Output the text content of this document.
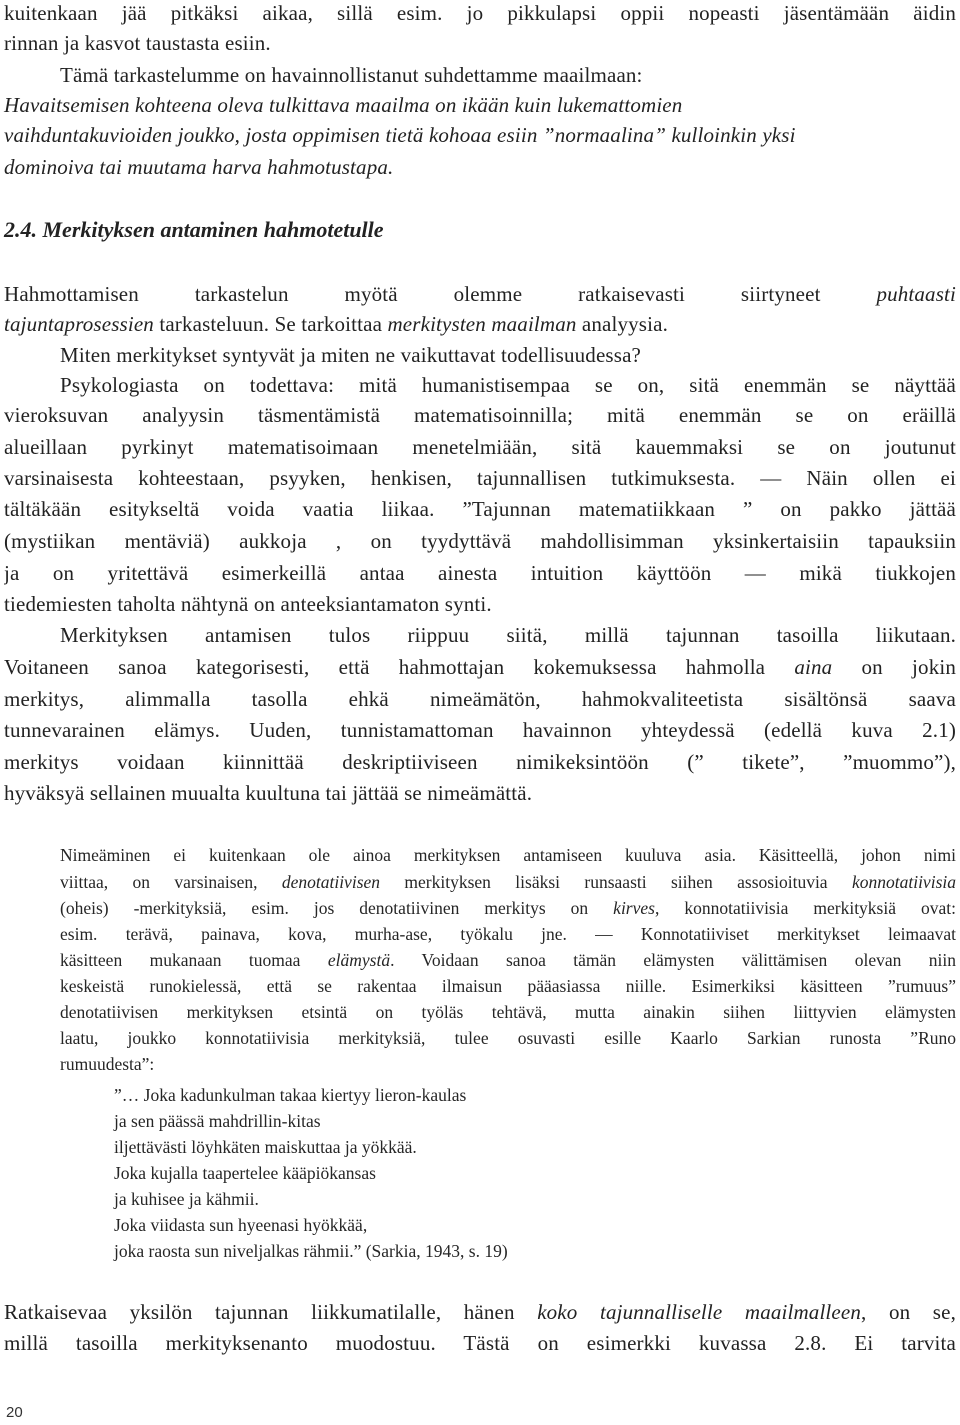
kuitenkaan jää pitkäksi aikaa, sillä esim. jo pikkulapsi oppii nopeasti jäsentämään äidin
rinnan ja kasvot taustasta esiin.
Tämä tarkastelumme on havainnollistanut suhdettamme maailmaan:
Havaitsemisen kohteena oleva tulkittava maailma on ikään kuin lukemattomien
vaihduntakuvioiden joukko, josta oppimisen tietä kohoaa esiin ”normaalina” kulloinkin yksi
dominoiva tai muutama harva hahmotustapa.
2.4. Merkityksen antaminen hahmotetulle
Hahmottamisen tarkastelun myötä olemme ratkaisevasti siirtyneet	puhtaasti
tajuntaprosessien tarkasteluun. Se tarkoittaa merkitysten maailman analyysia.
Miten merkitykset syntyvät ja miten ne vaikuttavat todellisuudessa?
Psykologiasta on todettava: mitä humanistisempaa se on, sitä enemmän se näyttää
vieroksuvan analyysin täsmentämistä matematisoinnilla; mitä enemmän se on eräillä
alueillaan pyrkinyt matematisoimaan menetelmiään, sitä kauemmaksi se on joutunut
varsinaisesta kohteestaan, psyyken, henkisen, tajunnallisen tutkimuksesta. — Näin ollen ei
tältäkään esitykseltä voida vaatia liikaa. ”Tajunnan matematiikkaan ” on pakko jättää
(mystiikan mentäviä) aukkoja , on tyydyttävä mahdollisimman yksinkertaisiin tapauksiin
ja on yritettävä esimerkeillä antaa ainesta intuition käyttöön — mikä tiukkojen
tiedemiesten taholta nähtynä on anteeksiantamaton synti.
Merkityksen antamisen tulos riippuu siitä, millä tajunnan tasoilla liikutaan.
Voitaneen sanoa kategorisesti, että hahmottajan kokemuksessa hahmolla aina on jokin
merkitys, alimmalla tasolla ehkä nimeämätön, hahmokvaliteetista sisältönsä saava
tunnevarainen elämys. Uuden, tunnistamattoman havainnon yhteydessä (edellä kuva 2.1)
merkitys voidaan kiinnittää deskriptiiviseen nimikeksintöön (” tikete”, ”muommo”),
hyväksyä sellainen muualta kuultuna tai jättää se nimeämättä.
Nimeäminen ei kuitenkaan ole ainoa merkityksen antamiseen kuuluva asia. Käsitteellä, johon nimi
viittaa, on varsinaisen, denotatiivisen merkityksen lisäksi runsaasti siihen assosioituvia konnotatiivisia
(oheis) -merkityksiä, esim. jos denotatiivinen merkitys on kirves, konnotatiivisia merkityksiä ovat:
esim. terävä, painava, kova, murha-ase, työkalu jne. — Konnotatiiviset merkitykset leimaavat
käsitteen mukanaan tuomaa elämystä. Voidaan sanoa tämän elämysten välittämisen olevan niin
keskeistä runokielessä, että se rakentaa ilmaisun pääasiassa niille. Esimerkiksi käsitteen ”rumuus”
denotatiivisen merkityksen etsintä on työläs tehtävä, mutta ainakin siihen liittyvien elämysten
laatu, joukko konnotatiivisia merkityksiä, tulee osuvasti esille Kaarlo Sarkian runosta ”Runo
rumuudesta”:
”… Joka kadunkulman takaa kiertyy lieron-kaulas
ja sen päässä mahdrillin-kitas
iljettävästi löyhkäten maiskuttaa ja yökkää.
Joka kujalla taapertelee kääpiökansas
ja kuhisee ja kähmii.
Joka viidasta sun hyeenasi hyökkää,
joka raosta sun niveljalkas rähmii.” (Sarkia, 1943, s. 19)
Ratkaisevaa yksilön tajunnan liikkumatilalle, hänen koko tajunnalliselle maailmalleen, on se,
millä tasoilla merkityksenanto muodostuu. Tästä on esimerkki kuvassa 2.8. Ei tarvita
20
